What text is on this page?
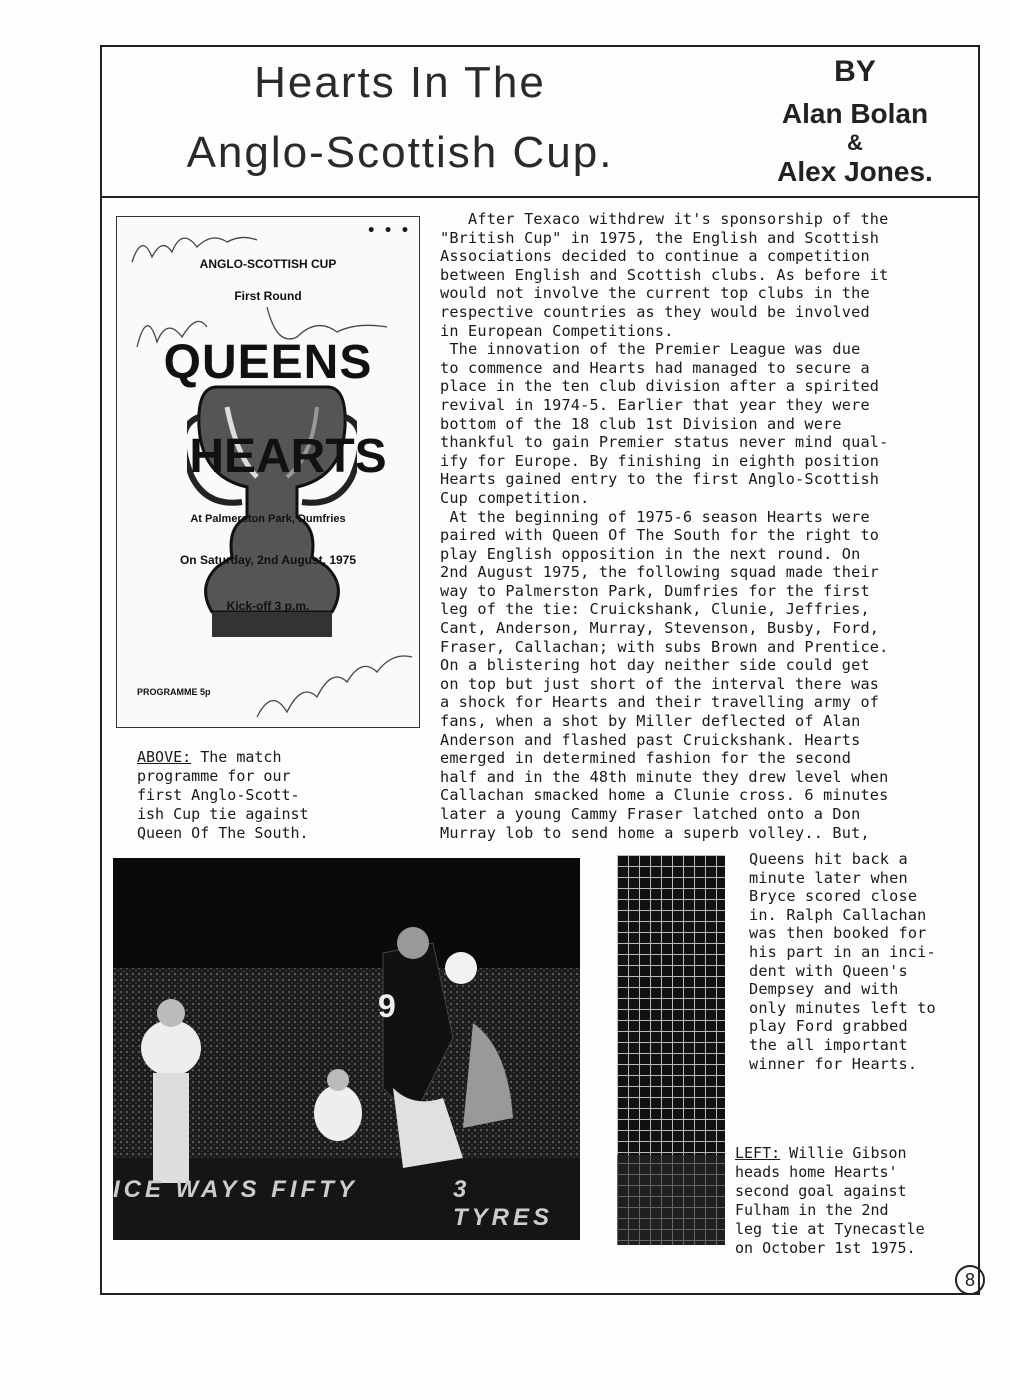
Hearts In The
Anglo-Scottish Cup.
BY
Alan Bolan
&
Alex Jones.
• • •
ANGLO-SCOTTISH CUP
First Round
QUEENS
HEARTS
At Palmerston Park, Dumfries
On Saturday, 2nd August, 1975
Kick-off 3 p.m.
PROGRAMME 5p
ABOVE: The match
programme for our
first Anglo-Scott-
ish Cup tie against
Queen Of The South.
After Texaco withdrew it's sponsorship of the
"British Cup" in 1975, the English and Scottish
Associations decided to continue a competition
between English and Scottish clubs. As before it
would not involve the current top clubs in the
respective countries as they would be involved
in European Competitions.
The innovation of the Premier League was due
to commence and Hearts had managed to secure a
place in the ten club division after a spirited
revival in 1974-5. Earlier that year they were
bottom of the 18 club 1st Division and were
thankful to gain Premier status never mind qual-
ify for Europe. By finishing in eighth position
Hearts gained entry to the first Anglo-Scottish
Cup competition.
At the beginning of 1975-6 season Hearts were
paired with Queen Of The South for the right to
play English opposition in the next round. On
2nd August 1975, the following squad made their
way to Palmerston Park, Dumfries for the first
leg of the tie: Cruickshank, Clunie, Jeffries,
Cant, Anderson, Murray, Stevenson, Busby, Ford,
Fraser, Callachan; with subs Brown and Prentice.
On a blistering hot day neither side could get
on top but just short of the interval there was
a shock for Hearts and their travelling army of
fans, when a shot by Miller deflected of Alan
Anderson and flashed past Cruickshank. Hearts
emerged in determined fashion for the second
half and in the 48th minute they drew level when
Callachan smacked home a Clunie cross. 6 minutes
later a young Cammy Fraser latched onto a Don
Murray lob to send home a superb volley.. But,
Queens hit back a
minute later when
Bryce scored close
in. Ralph Callachan
was then booked for
his part in an inci-
dent with Queen's
Dempsey and with
only minutes left to
play Ford grabbed
the all important
winner for Hearts.
9
ICE WAYS FIFTY	3 TYRES
LEFT: Willie Gibson
heads home Hearts'
second goal against
Fulham in the 2nd
leg tie at Tynecastle
on October 1st 1975.
8
